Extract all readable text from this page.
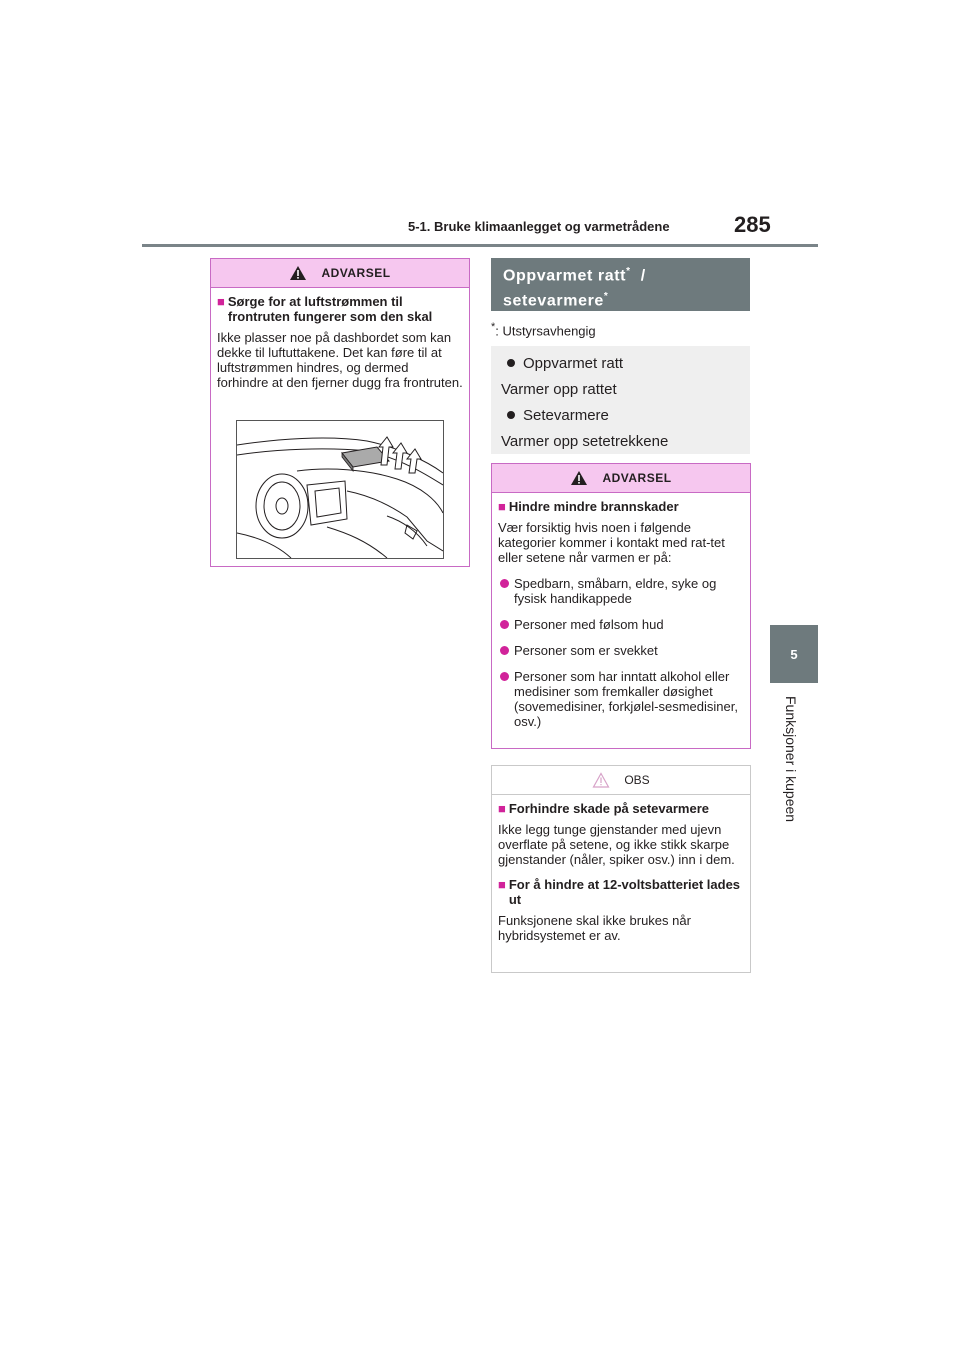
5-1. Bruke klimaanlegget og varmetrådene	285
5
Funksjoner i kupeen
ADVARSEL
■ Sørge for at luftstrømmen til frontruten fungerer som den skal
Ikke plasser noe på dashbordet som kan dekke til luftuttakene. Det kan føre til at luftstrømmen hindres, og dermed forhindre at den fjerner dugg fra frontruten.
Oppvarmet ratt* /
setevarmere*
*: Utstyrsavhengig
Oppvarmet ratt
Varmer opp rattet
Setevarmere
Varmer opp setetrekkene
ADVARSEL
■ Hindre mindre brannskader
Vær forsiktig hvis noen i følgende kategorier kommer i kontakt med rat-tet eller setene når varmen er på:
Spedbarn, småbarn, eldre, syke og fysisk handikappede
Personer med følsom hud
Personer som er svekket
Personer som har inntatt alkohol eller medisiner som fremkaller døsighet (sovemedisiner, forkjølel-sesmedisiner, osv.)
OBS
■ Forhindre skade på setevarmere
Ikke legg tunge gjenstander med ujevn overflate på setene, og ikke stikk skarpe gjenstander (nåler, spiker osv.) inn i dem.
■ For å hindre at 12-voltsbatteriet lades ut
Funksjonene skal ikke brukes når hybridsystemet er av.
